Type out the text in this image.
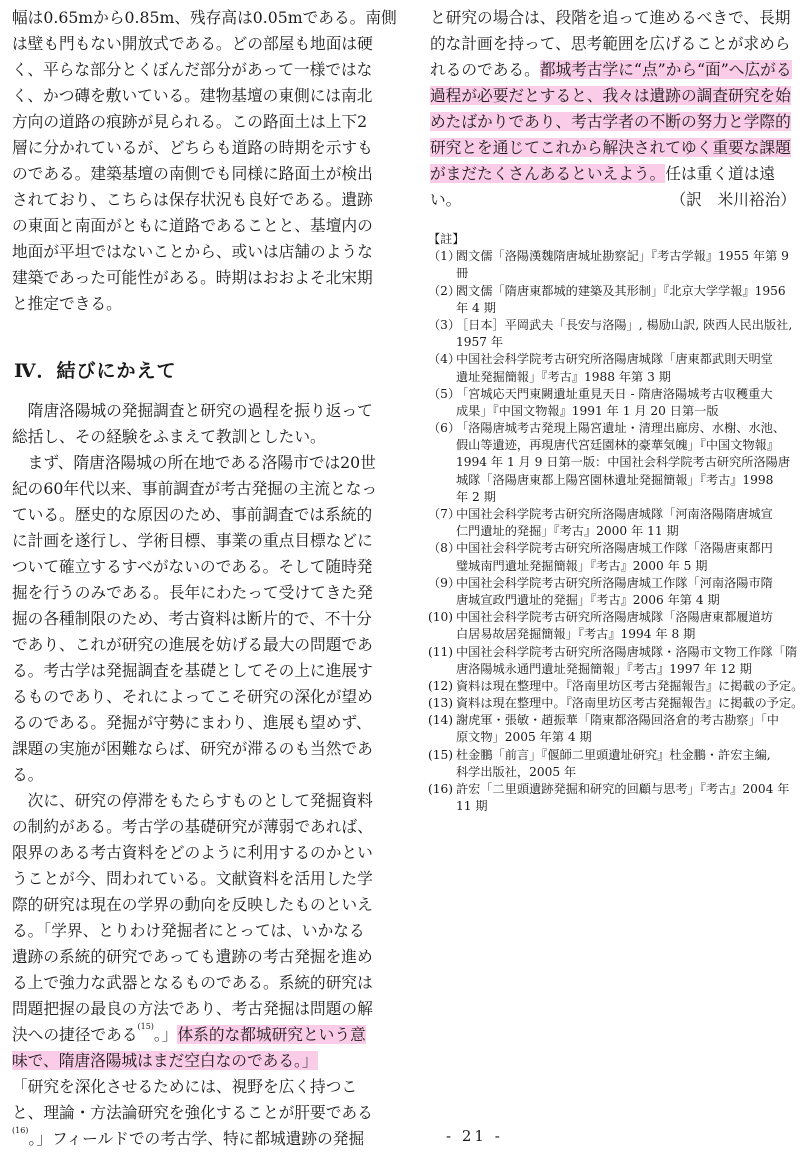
幅は0.65mから0.85m、残存高は0.05mである。南側
は壁も門もない開放式である。どの部屋も地面は硬
く、平らな部分とくぼんだ部分があって一様ではな
く、かつ磚を敷いている。建物基壇の東側には南北
方向の道路の痕跡が見られる。この路面土は上下2
層に分かれているが、どちらも道路の時期を示すも
のである。建築基壇の南側でも同様に路面土が検出
されており、こちらは保存状況も良好である。遺跡
の東面と南面がともに道路であることと、基壇内の
地面が平坦ではないことから、或いは店舗のような
建築であった可能性がある。時期はおおよそ北宋期
と推定できる。
Ⅳ．結びにかえて
　隋唐洛陽城の発掘調査と研究の過程を振り返って
総括し、その経験をふまえて教訓としたい。
　まず、隋唐洛陽城の所在地である洛陽市では20世
紀の60年代以来、事前調査が考古発掘の主流となっ
ている。歴史的な原因のため、事前調査では系統的
に計画を遂行し、学術目標、事業の重点目標などに
ついて確立するすべがないのである。そして随時発
掘を行うのみである。長年にわたって受けてきた発
掘の各種制限のため、考古資料は断片的で、不十分
であり、これが研究の進展を妨げる最大の問題であ
る。考古学は発掘調査を基礎としてその上に進展す
るものであり、それによってこそ研究の深化が望め
るのである。発掘が守勢にまわり、進展も望めず、
課題の実施が困難ならば、研究が滞るのも当然であ
る。
　次に、研究の停滞をもたらすものとして発掘資料
の制約がある。考古学の基礎研究が薄弱であれば、
限界のある考古資料をどのように利用するのかとい
うことが今、問われている。文献資料を活用した学
際的研究は現在の学界の動向を反映したものといえ
る。「学界、とりわけ発掘者にとっては、いかなる
遺跡の系統的研究であっても遺跡の考古発掘を進め
る上で強力な武器となるものである。系統的研究は
問題把握の最良の方法であり、考古発掘は問題の解
決への捷径である$^{(15)}$。」体系的な都城研究という意
味で、隋唐洛陽城はまだ空白なのである。」
「研究を深化させるためには、視野を広く持つこ
と、理論・方法論研究を強化することが肝要である
$^{(16)}$。」フィールドでの考古学、特に都城遺跡の発掘
と研究の場合は、段階を追って進めるべきで、長期
的な計画を持って、思考範囲を広げることが求めら
れるのである。都城考古学に“点”から“面”へ広がる
過程が必要だとすると、我々は遺跡の調査研究を始
めたばかりであり、考古学者の不断の努力と学際的
研究とを通じてこれから解決されてゆく重要な課題
がまだたくさんあるといえよう。任は重く道は遠
い。	（訳　米川裕治）
【註】
（1）
閻文儒「洛陽漢魏隋唐城址勘察記」『考古学報』1955 年第 9
冊
（2）
閻文儒「隋唐東都城的建築及其形制」『北京大学学報』1956
年 4 期
（3）
［日本］平岡武夫「長安与洛陽」, 楊励山訳, 陝西人民出版社,
1957 年
（4）
中国社会科学院考古研究所洛陽唐城隊「唐東都武則天明堂
遺址発掘簡報」『考古』1988 年第 3 期
（5）
「宮城応天門東闕遺址重見天日 - 隋唐洛陽城考古収穫重大
成果」『中国文物報』1991 年 1 月 20 日第一版
（6）
「洛陽唐城考古発現上陽宮遺址・清理出廊房、水榭、水池、
假山等遺迹，再現唐代宮廷園林的豪華気魄」『中国文物報』
1994 年 1 月 9 日第一版：中国社会科学院考古研究所洛陽唐
城隊「洛陽唐東都上陽宮園林遺址発掘簡報」『考古』1998
年 2 期
（7）
中国社会科学院考古研究所洛陽唐城隊「河南洛陽隋唐城宣
仁門遺址的発掘」『考古』2000 年 11 期
（8）
中国社会科学院考古研究所洛陽唐城工作隊「洛陽唐東都円
璧城南門遺址発掘簡報」『考古』2000 年 5 期
（9）
中国社会科学院考古研究所洛陽唐城工作隊「河南洛陽市隋
唐城宣政門遺址的発掘」『考古』2006 年第 4 期
(10) 中国社会科学院考古研究所洛陽唐城隊「洛陽唐東都履道坊
白居易故居発掘簡報」『考古』1994 年 8 期
(11) 中国社会科学院考古研究所洛陽唐城隊・洛陽市文物工作隊「隋
唐洛陽城永通門遺址発掘簡報」『考古』1997 年 12 期
(12) 資料は現在整理中。『洛南里坊区考古発掘報告』に掲載の予定。
(13) 資料は現在整理中。『洛南里坊区考古発掘報告』に掲載の予定。
(14) 謝虎軍・張敏・趙振華「隋東都洛陽回洛倉的考古勘察」「中
原文物」2005 年第 4 期
(15) 杜金鵬「前言」『偃師二里頭遺址研究』杜金鵬・許宏主編,
科学出版社，2005 年
(16) 許宏「二里頭遺跡発掘和研究的回顧与思考」『考古』2004 年
11 期
- 21 -
